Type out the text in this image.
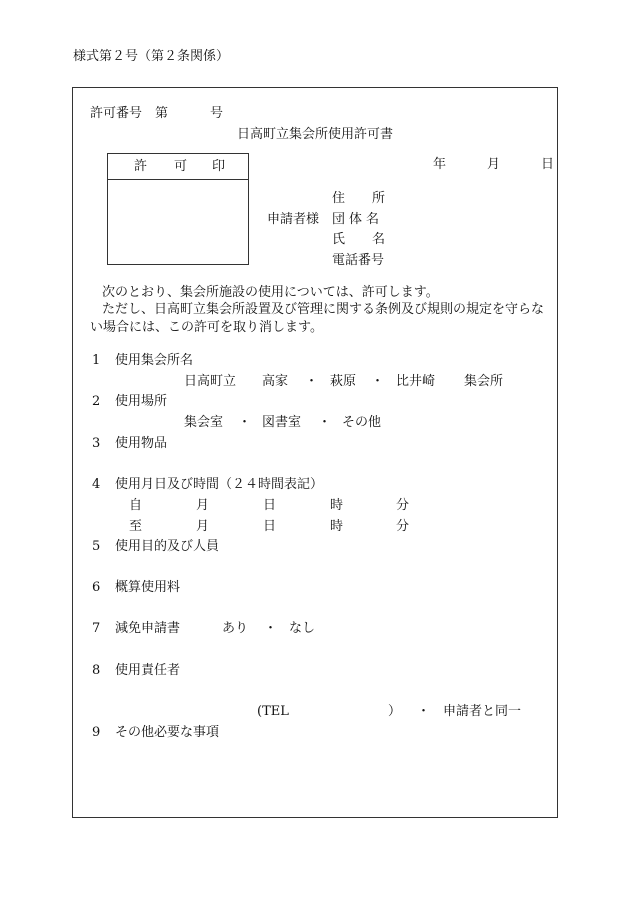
様式第２号（第２条関係）
許可番号 第	号
日高町立集会所使用許可書
許 可 印	年	月	日
住 所
申請者様 団体名
氏 名
電話番号
次のとおり、集会所施設の使用については、許可します。
ただし、日高町立集会所設置及び管理に関する条例及び規則の規定を守らな
い場合には、この許可を取り消します。
1 使用集会所名
日高町立 高家 ・ 萩原 ・ 比井崎 集会所
2 使用場所
集会室 ・ 図書室 ・ その他
3 使用物品
4 使用月日及び時間（２４時間表記）
自	月	日	時	分
至	月	日	時	分
5 使用目的及び人員
6 概算使用料
7 減免申請書	あり ・ なし
8 使用責任者
(TEL	） ・ 申請者と同一
9 その他必要な事項
